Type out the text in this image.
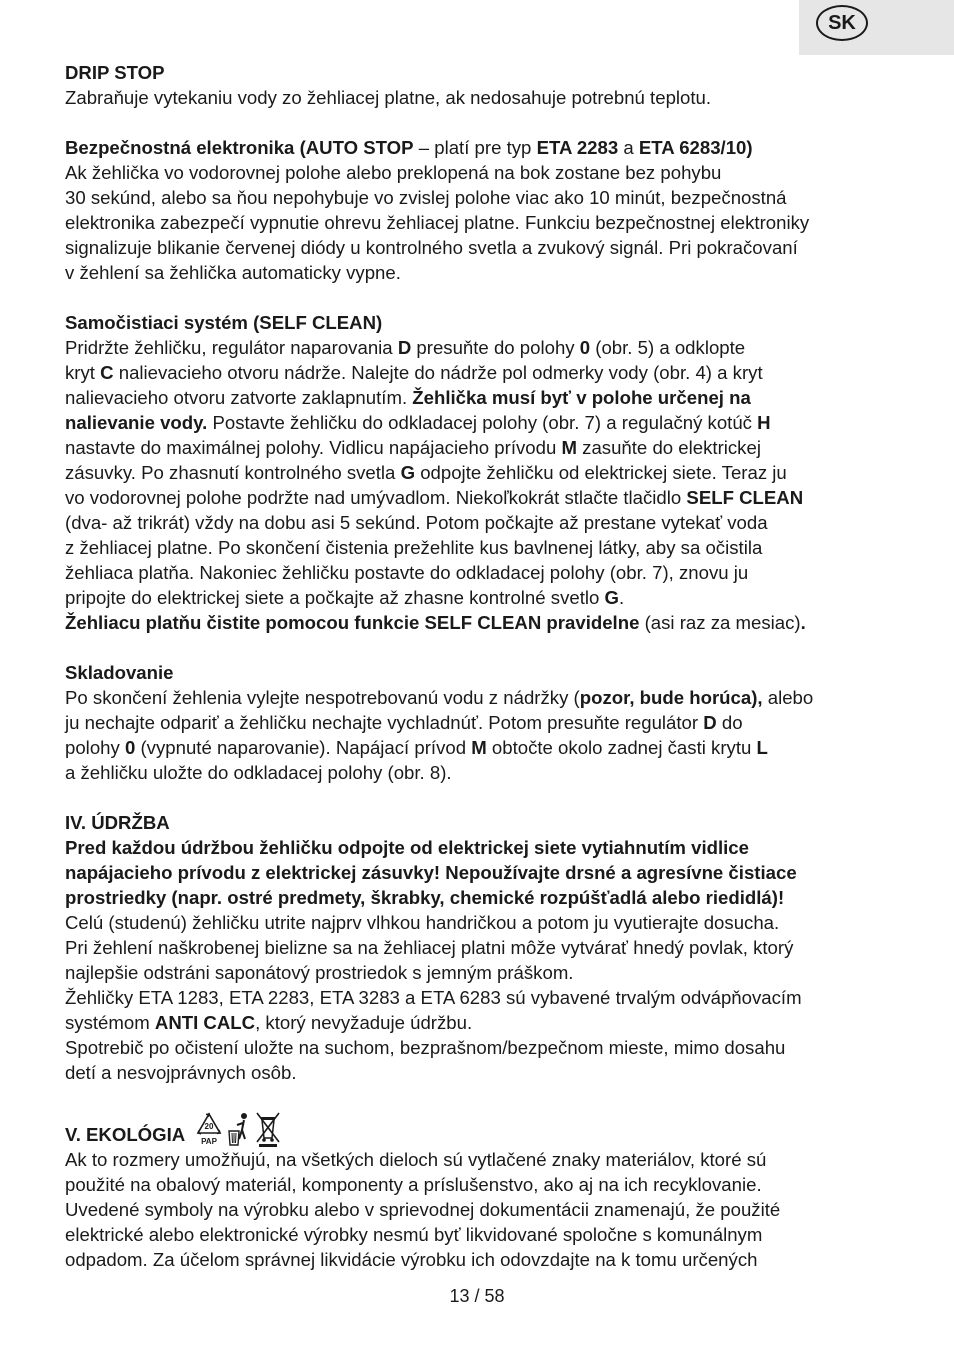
SK
DRIP STOP
Zabraňuje vytekaniu vody zo žehliacej platne, ak nedosahuje potrebnú teplotu.
Bezpečnostná elektronika (AUTO STOP – platí pre typ ETA 2283 a ETA 6283/10)
Ak žehlička vo vodorovnej polohe alebo preklopená na bok zostane bez pohybu
30 sekúnd, alebo sa ňou nepohybuje vo zvislej polohe viac ako 10 minút, bezpečnostná
elektronika zabezpečí vypnutie ohrevu žehliacej platne. Funkciu bezpečnostnej elektroniky
signalizuje blikanie červenej diódy u kontrolného svetla a zvukový signál. Pri pokračovaní
v žehlení sa žehlička automaticky vypne.
Samočistiaci systém (SELF CLEAN)
Pridržte žehličku, regulátor naparovania D presuňte do polohy 0 (obr. 5) a odklopte
kryt C nalievacieho otvoru nádrže. Nalejte do nádrže pol odmerky vody (obr. 4) a kryt
nalievacieho otvoru zatvorte zaklapnutím. Žehlička musí byť v polohe určenej na
nalievanie vody. Postavte žehličku do odkladacej polohy (obr. 7) a regulačný kotúč H
nastavte do maximálnej polohy. Vidlicu napájacieho prívodu M zasuňte do elektrickej
zásuvky. Po zhasnutí kontrolného svetla G odpojte žehličku od elektrickej siete. Teraz ju
vo vodorovnej polohe podržte nad umývadlom. Niekoľkokrát stlačte tlačidlo SELF CLEAN
(dva- až trikrát) vždy na dobu asi 5 sekúnd. Potom počkajte až prestane vytekať voda
z žehliacej platne. Po skončení čistenia prežehlite kus bavlnenej látky, aby sa očistila
žehliaca platňa. Nakoniec žehličku postavte do odkladacej polohy (obr. 7), znovu ju
pripojte do elektrickej siete a počkajte až zhasne kontrolné svetlo G.
Žehliacu platňu čistite pomocou funkcie SELF CLEAN pravidelne (asi raz za mesiac).
Skladovanie
Po skončení žehlenia vylejte nespotrebovanú vodu z nádržky (pozor, bude horúca), alebo
ju nechajte odpariť a žehličku nechajte vychladnúť. Potom presuňte regulátor D do
polohy 0 (vypnuté naparovanie). Napájací prívod M obtočte okolo zadnej časti krytu L
a žehličku uložte do odkladacej polohy (obr. 8).
IV. ÚDRŽBA
Pred každou údržbou žehličku odpojte od elektrickej siete vytiahnutím vidlice
napájacieho prívodu z elektrickej zásuvky! Nepoužívajte drsné a agresívne čistiace
prostriedky (napr. ostré predmety, škrabky, chemické rozpúšťadlá alebo riedidlá)!
Celú (studenú) žehličku utrite najprv vlhkou handričkou a potom ju vyutierajte dosucha.
Pri žehlení naškrobenej bielizne sa na žehliacej platni môže vytvárať hnedý povlak, ktorý
najlepšie odstráni saponátový prostriedok s jemným práškom.
Žehličky ETA 1283, ETA 2283, ETA 3283 a ETA 6283 sú vybavené trvalým odvápňovacím
systémom ANTI CALC, ktorý nevyžaduje údržbu.
Spotrebič po očistení uložte na suchom, bezprašnom/bezpečnom mieste, mimo dosahu
detí a nesvojprávnych osôb.
V. EKOLÓGIA 20
PAP
Ak to rozmery umožňujú, na všetkých dieloch sú vytlačené znaky materiálov, ktoré sú
použité na obalový materiál, komponenty a príslušenstvo, ako aj na ich recyklovanie.
Uvedené symboly na výrobku alebo v sprievodnej dokumentácii znamenajú, že použité
elektrické alebo elektronické výrobky nesmú byť likvidované spoločne s komunálnym
odpadom. Za účelom správnej likvidácie výrobku ich odovzdajte na k tomu určených
13 / 58
